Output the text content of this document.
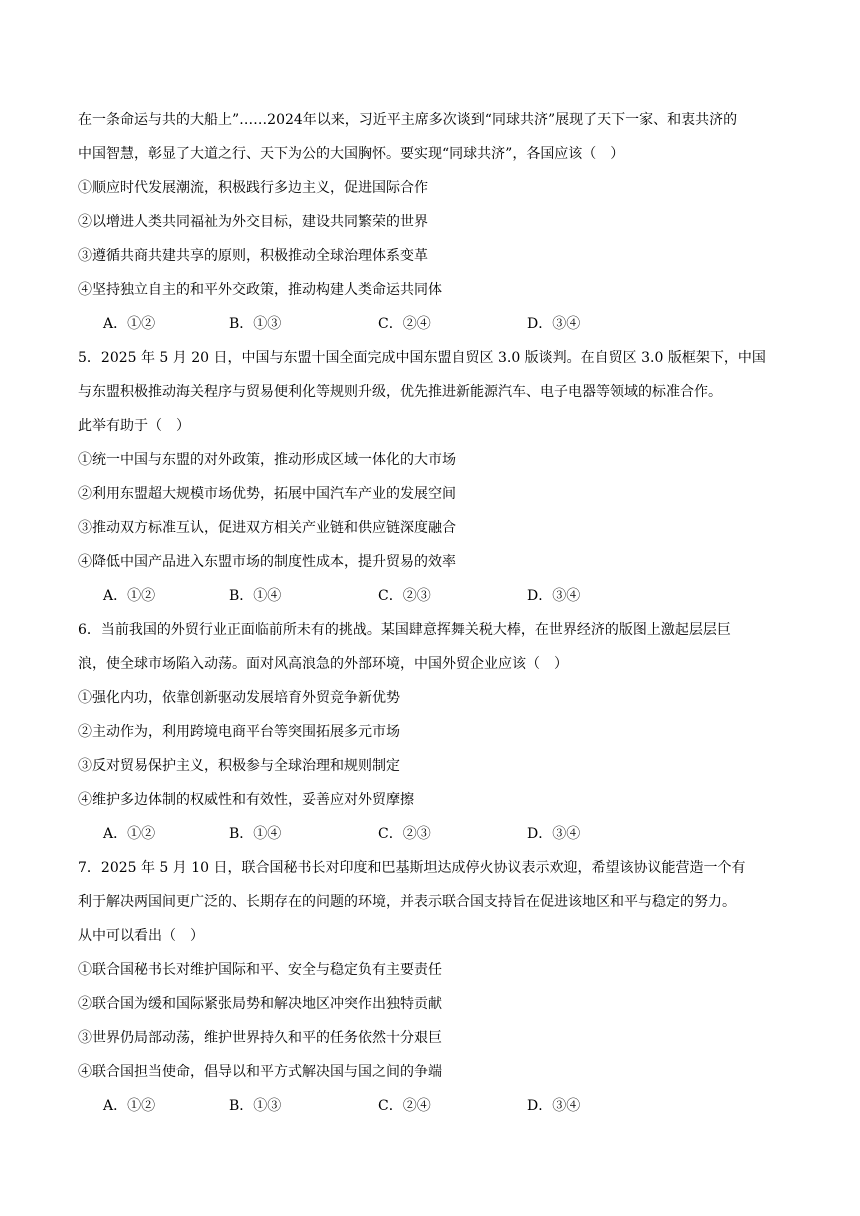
在一条命运与共的大船上”……2024年以来，习近平主席多次谈到“同球共济”展现了天下一家、和衷共济的
中国智慧，彰显了大道之行、天下为公的大国胸怀。要实现“同球共济”，各国应该（　）
①顺应时代发展潮流，积极践行多边主义，促进国际合作
②以增进人类共同福祉为外交目标，建设共同繁荣的世界
③遵循共商共建共享的原则，积极推动全球治理体系变革
④坚持独立自主的和平外交政策，推动构建人类命运共同体
A．①②	B．①③	C．②④	D．③④
5．2025 年 5 月 20 日，中国与东盟十国全面完成中国东盟自贸区 3.0 版谈判。在自贸区 3.0 版框架下，中国
与东盟积极推动海关程序与贸易便利化等规则升级，优先推进新能源汽车、电子电器等领域的标准合作。
此举有助于（　）
①统一中国与东盟的对外政策，推动形成区域一体化的大市场
②利用东盟超大规模市场优势，拓展中国汽车产业的发展空间
③推动双方标准互认，促进双方相关产业链和供应链深度融合
④降低中国产品进入东盟市场的制度性成本，提升贸易的效率
A．①②	B．①④	C．②③	D．③④
6．当前我国的外贸行业正面临前所未有的挑战。某国肆意挥舞关税大棒，在世界经济的版图上激起层层巨
浪，使全球市场陷入动荡。面对风高浪急的外部环境，中国外贸企业应该（　）
①强化内功，依靠创新驱动发展培育外贸竞争新优势
②主动作为，利用跨境电商平台等突围拓展多元市场
③反对贸易保护主义，积极参与全球治理和规则制定
④维护多边体制的权威性和有效性，妥善应对外贸摩擦
A．①②	B．①④	C．②③	D．③④
7．2025 年 5 月 10 日，联合国秘书长对印度和巴基斯坦达成停火协议表示欢迎，希望该协议能营造一个有
利于解决两国间更广泛的、长期存在的问题的环境，并表示联合国支持旨在促进该地区和平与稳定的努力。
从中可以看出（　）
①联合国秘书长对维护国际和平、安全与稳定负有主要责任
②联合国为缓和国际紧张局势和解决地区冲突作出独特贡献
③世界仍局部动荡，维护世界持久和平的任务依然十分艰巨
④联合国担当使命，倡导以和平方式解决国与国之间的争端
A．①②	B．①③	C．②④	D．③④
